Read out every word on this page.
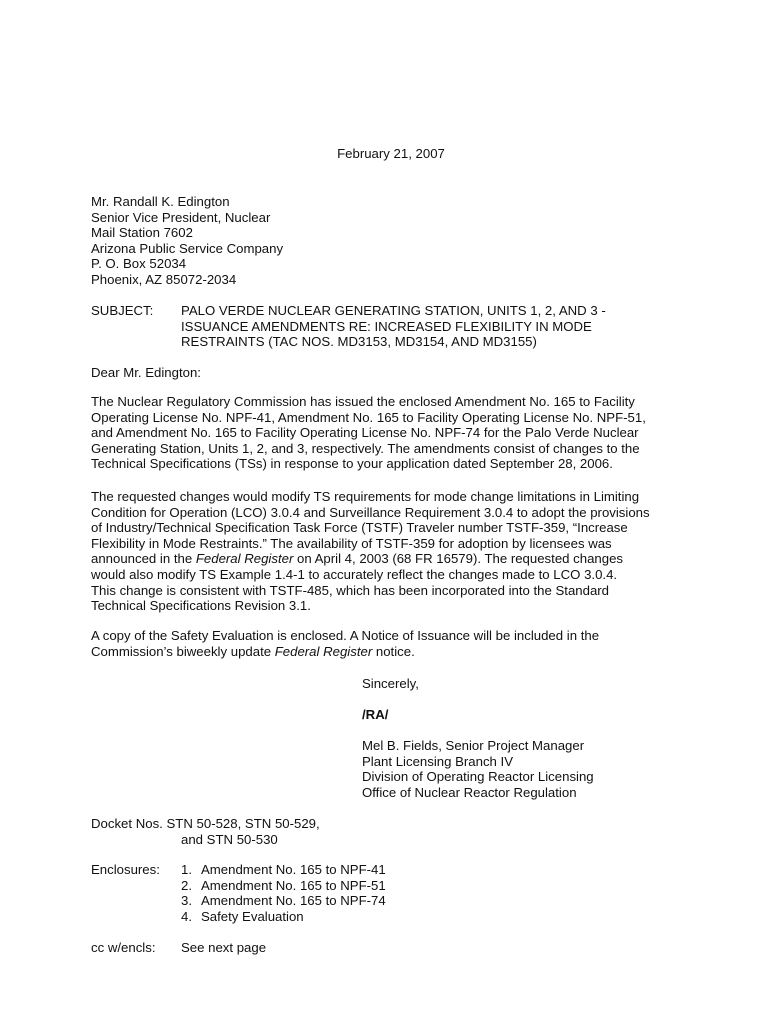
February 21, 2007
Mr. Randall K. Edington
Senior Vice President, Nuclear
Mail Station 7602
Arizona Public Service Company
P. O. Box 52034
Phoenix, AZ 85072-2034
SUBJECT: PALO VERDE NUCLEAR GENERATING STATION, UNITS 1, 2, AND 3 -
ISSUANCE AMENDMENTS RE: INCREASED FLEXIBILITY IN MODE
RESTRAINTS (TAC NOS. MD3153, MD3154, AND MD3155)
Dear Mr. Edington:
The Nuclear Regulatory Commission has issued the enclosed Amendment No. 165 to Facility
Operating License No. NPF-41, Amendment No. 165 to Facility Operating License No. NPF-51,
and Amendment No. 165 to Facility Operating License No. NPF-74 for the Palo Verde Nuclear
Generating Station, Units 1, 2, and 3, respectively. The amendments consist of changes to the
Technical Specifications (TSs) in response to your application dated September 28, 2006.
The requested changes would modify TS requirements for mode change limitations in Limiting
Condition for Operation (LCO) 3.0.4 and Surveillance Requirement 3.0.4 to adopt the provisions
of Industry/Technical Specification Task Force (TSTF) Traveler number TSTF-359, “Increase
Flexibility in Mode Restraints.” The availability of TSTF-359 for adoption by licensees was
announced in the Federal Register on April 4, 2003 (68 FR 16579). The requested changes
would also modify TS Example 1.4-1 to accurately reflect the changes made to LCO 3.0.4.
This change is consistent with TSTF-485, which has been incorporated into the Standard
Technical Specifications Revision 3.1.
A copy of the Safety Evaluation is enclosed. A Notice of Issuance will be included in the
Commission’s biweekly update Federal Register notice.
Sincerely,
/RA/
Mel B. Fields, Senior Project Manager
Plant Licensing Branch IV
Division of Operating Reactor Licensing
Office of Nuclear Reactor Regulation
Docket Nos. STN 50-528, STN 50-529,
and STN 50-530
Enclosures: 1. Amendment No. 165 to NPF-41
2. Amendment No. 165 to NPF-51
3. Amendment No. 165 to NPF-74
4. Safety Evaluation
cc w/encls: See next page
